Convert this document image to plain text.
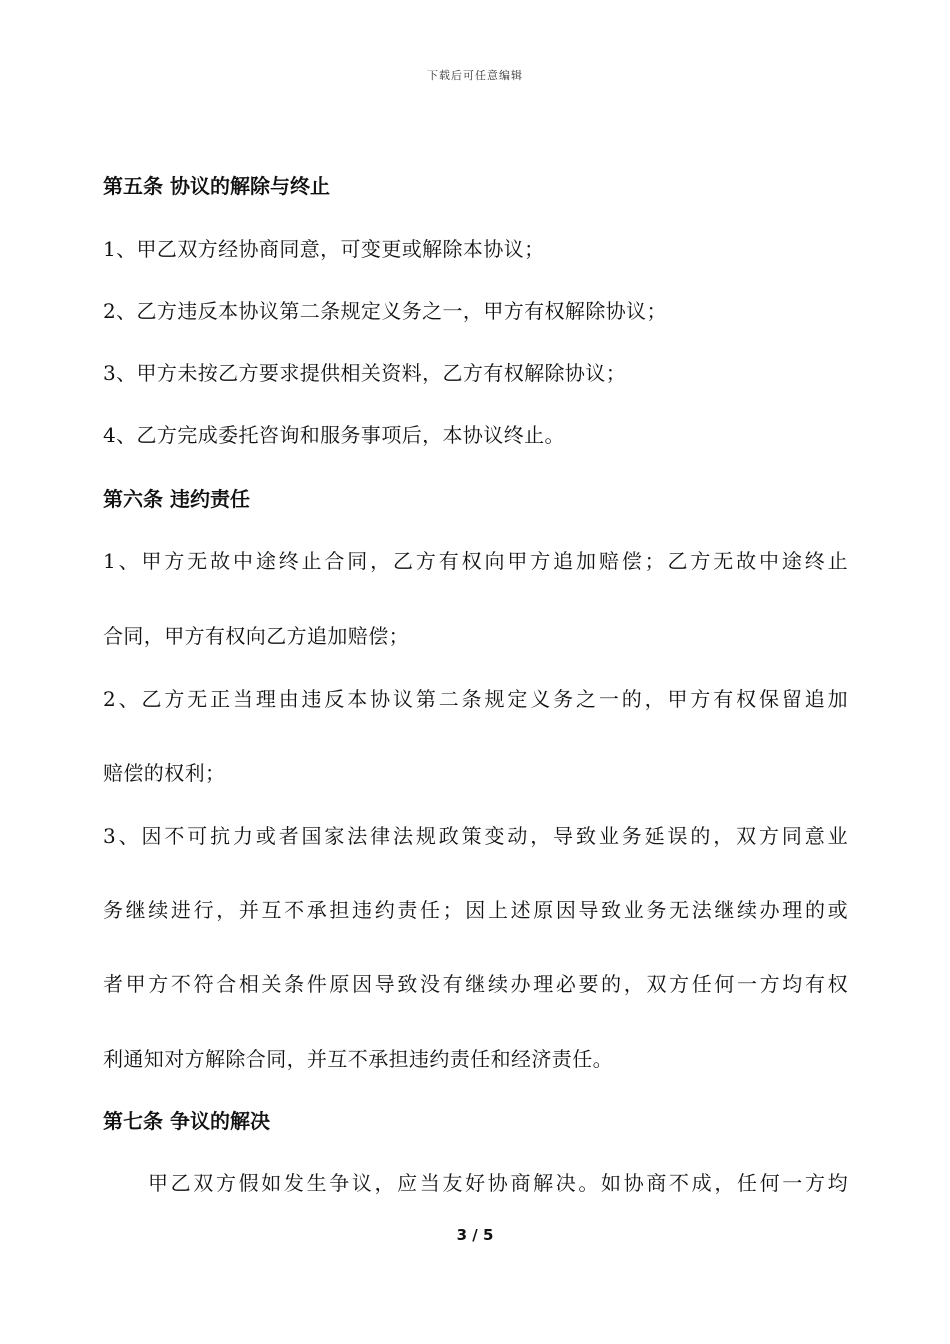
下载后可任意编辑
第五条 协议的解除与终止
1、甲乙双方经协商同意，可变更或解除本协议；
2、乙方违反本协议第二条规定义务之一，甲方有权解除协议；
3、甲方未按乙方要求提供相关资料，乙方有权解除协议；
4、乙方完成委托咨询和服务事项后，本协议终止。
第六条 违约责任
1、甲方无故中途终止合同，乙方有权向甲方追加赔偿；乙方无故中途终止
合同，甲方有权向乙方追加赔偿；
2、乙方无正当理由违反本协议第二条规定义务之一的，甲方有权保留追加
赔偿的权利；
3、因不可抗力或者国家法律法规政策变动，导致业务延误的，双方同意业
务继续进行，并互不承担违约责任；因上述原因导致业务无法继续办理的或
者甲方不符合相关条件原因导致没有继续办理必要的，双方任何一方均有权
利通知对方解除合同，并互不承担违约责任和经济责任。
第七条 争议的解决
甲乙双方假如发生争议，应当友好协商解决。如协商不成，任何一方均
3 / 5
